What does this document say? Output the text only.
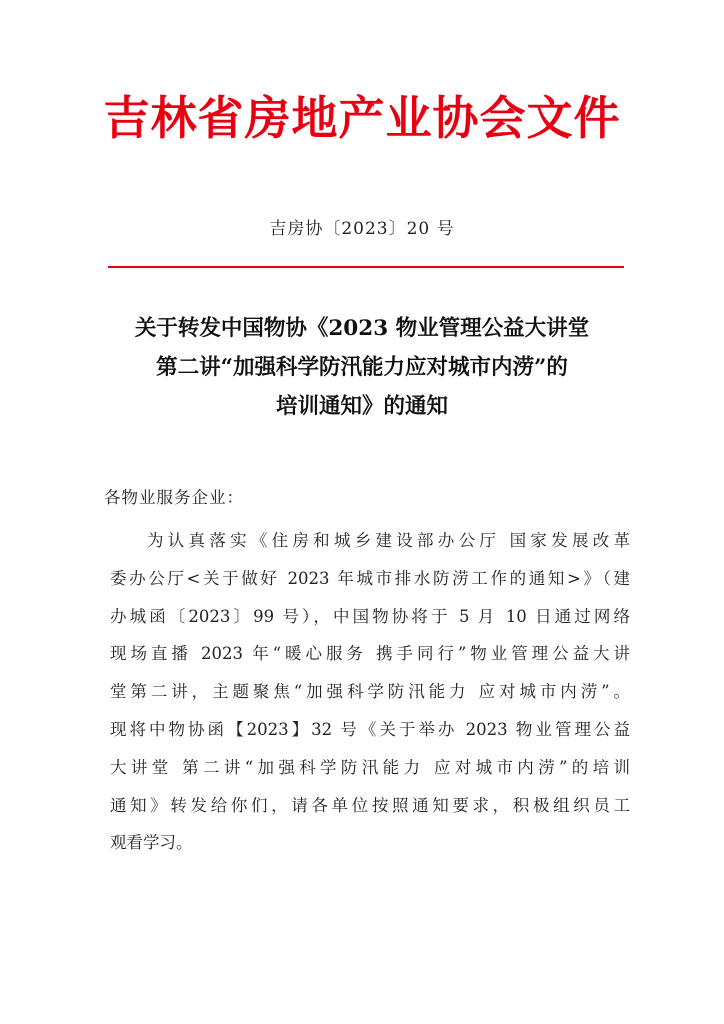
吉林省房地产业协会文件
吉房协〔2023〕20 号
关于转发中国物协《2023 物业管理公益大讲堂
第二讲“加强科学防汛能力应对城市内涝”的
培训通知》的通知
各物业服务企业：
为认真落实《住房和城乡建设部办公厅 国家发展改革
委办公厅<关于做好 2023 年城市排水防涝工作的通知>》（建
办城函〔2023〕99 号），中国物协将于 5 月 10 日通过网络
现场直播 2023 年“暖心服务 携手同行”物业管理公益大讲
堂第二讲，主题聚焦“加强科学防汛能力 应对城市内涝”。
现将中物协函【2023】32 号《关于举办 2023 物业管理公益
大讲堂 第二讲“加强科学防汛能力 应对城市内涝”的培训
通知》转发给你们，请各单位按照通知要求，积极组织员工
观看学习。
